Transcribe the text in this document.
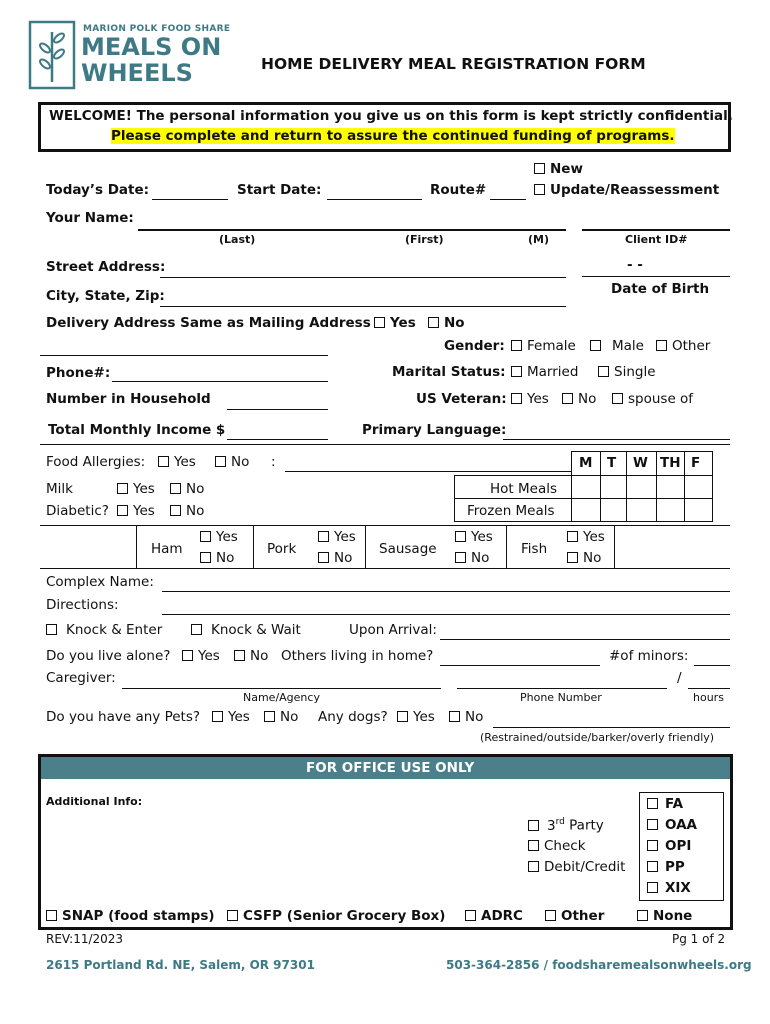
MARION POLK FOOD SHARE
MEALS ON
WHEELS	HOME DELIVERY MEAL REGISTRATION FORM
WELCOME! The personal information you give us on this form is kept strictly confidential.
Please complete and return to assure the continued funding of programs.
Today’s Date:	Start Date:	Route#
New
Update/Reassessment
Your Name:
(Last)	(First)	(M)	Client ID#
Street Address:	- -
Date of Birth
City, State, Zip:
Delivery Address Same as Mailing Address	Yes	No
Gender:	Female	Male	Other
Phone#:	Marital Status:	Married	Single
Number in Household	US Veteran:	Yes	No	spouse of
Total Monthly Income $	Primary Language:
Food Allergies:	Yes	No :	M T W TH F
Hot Meals
Frozen Meals
Milk	Yes	No
Diabetic?	Yes	No
Ham
Yes
No
Pork
Yes
No
Sausage
Yes
No
Fish
Yes
No
Complex Name:
Directions:
Knock & Enter	Knock & Wait	Upon Arrival:
Do you live alone?	Yes	No Others living in home?	#of minors:
Caregiver:	/
Name/Agency	Phone Number	hours
Do you have any Pets?	Yes	No Any dogs?	Yes	No
(Restrained/outside/barker/overly friendly)
FOR OFFICE USE ONLY
Additional Info:	FA
OAA
OPI
PP
XIX
3rd Party
Check
Debit/Credit
SNAP (food stamps)	CSFP (Senior Grocery Box)	ADRC	Other	None
REV:11/2023	Pg 1 of 2
2615 Portland Rd. NE, Salem, OR 97301	503-364-2856 / foodsharemealsonwheels.org
